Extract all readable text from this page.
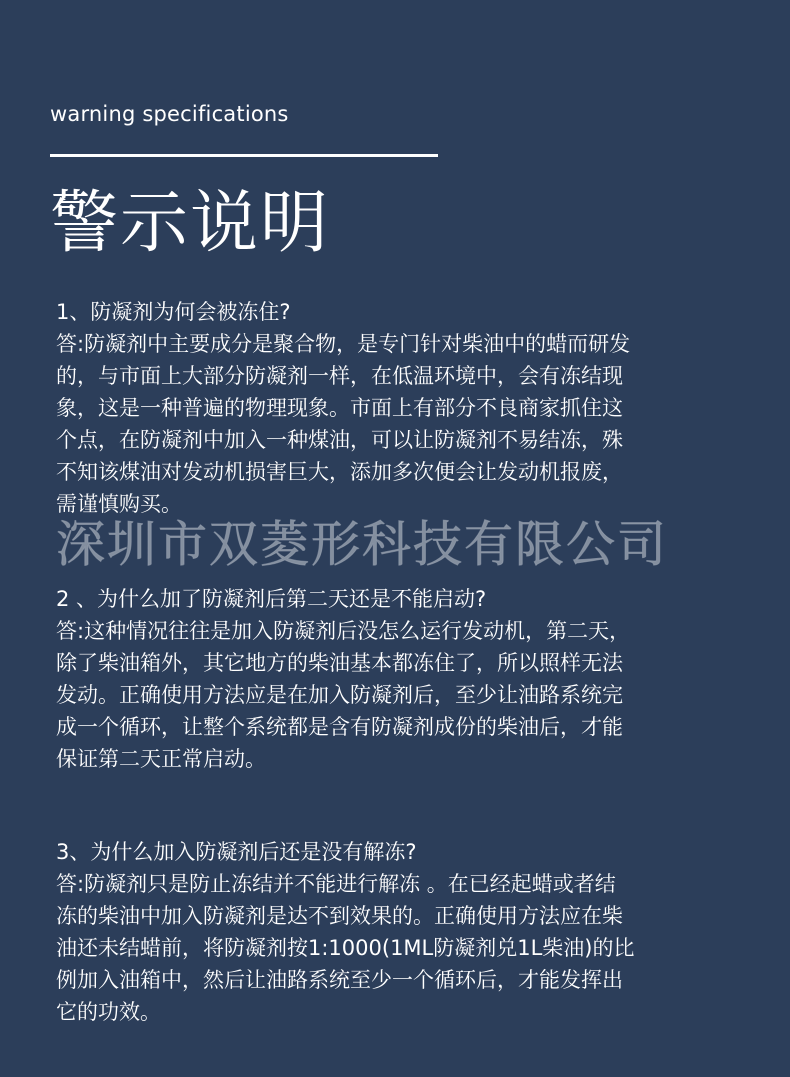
warning specifications
警示说明
1、防凝剂为何会被冻住?
答:防凝剂中主要成分是聚合物，是专门针对柴油中的蜡而研发
的，与市面上大部分防凝剂一样，在低温环境中，会有冻结现
象，这是一种普遍的物理现象。市面上有部分不良商家抓住这
个点，在防凝剂中加入一种煤油，可以让防凝剂不易结冻，殊
不知该煤油对发动机损害巨大，添加多次便会让发动机报废，
需谨慎购买。
2 、为什么加了防凝剂后第二天还是不能启动?
答:这种情况往往是加入防凝剂后没怎么运行发动机，第二天，
除了柴油箱外，其它地方的柴油基本都冻住了，所以照样无法
发动。正确使用方法应是在加入防凝剂后，至少让油路系统完
成一个循环，让整个系统都是含有防凝剂成份的柴油后，才能
保证第二天正常启动。
3、为什么加入防凝剂后还是没有解冻?
答:防凝剂只是防止冻结并不能进行解冻 。在已经起蜡或者结
冻的柴油中加入防凝剂是达不到效果的。正确使用方法应在柴
油还未结蜡前，将防凝剂按1:1000(1ML防凝剂兑1L柴油)的比
例加入油箱中，然后让油路系统至少一个循环后，才能发挥出
它的功效。
深圳市双菱形科技有限公司
